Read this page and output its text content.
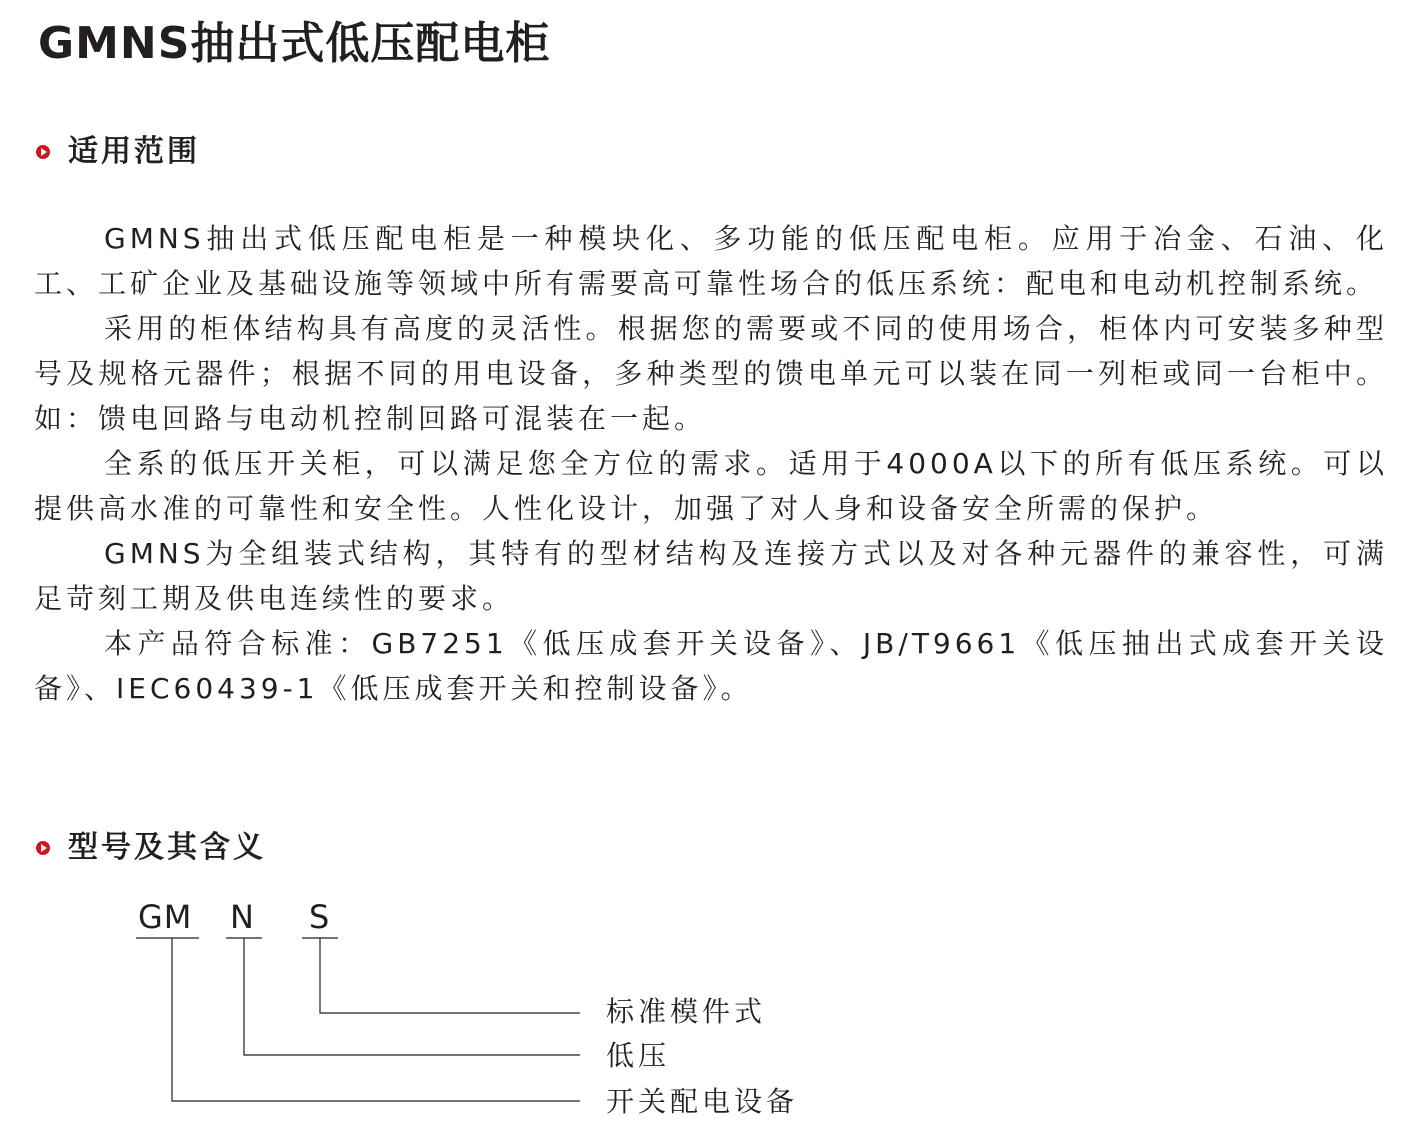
GMNS抽出式低压配电柜
适用范围

GMNS抽出式低压配电柜是一种模块化、多功能的低压配电柜。应用于冶金、石油、化工、工矿企业及基础设施等领域中所有需要高可靠性场合的低压系统：配电和电动机控制系统。

采用的柜体结构具有高度的灵活性。根据您的需要或不同的使用场合，柜体内可安装多种型号及规格元器件；根据不同的用电设备，多种类型的馈电单元可以装在同一列柜或同一台柜中。如：馈电回路与电动机控制回路可混装在一起。

全系的低压开关柜，可以满足您全方位的需求。适用于4000A以下的所有低压系统。可以提供高水准的可靠性和安全性。人性化设计，加强了对人身和设备安全所需的保护。

GMNS为全组装式结构，其特有的型材结构及连接方式以及对各种元器件的兼容性，可满足苛刻工期及供电连续性的要求。

本产品符合标准：GB7251《低压成套开关设备》、JB/T9661《低压抽出式成套开关设备》、IEC60439-1《低压成套开关和控制设备》。

型号及其含义
GM N S
标准模件式
低压
开关配电设备
